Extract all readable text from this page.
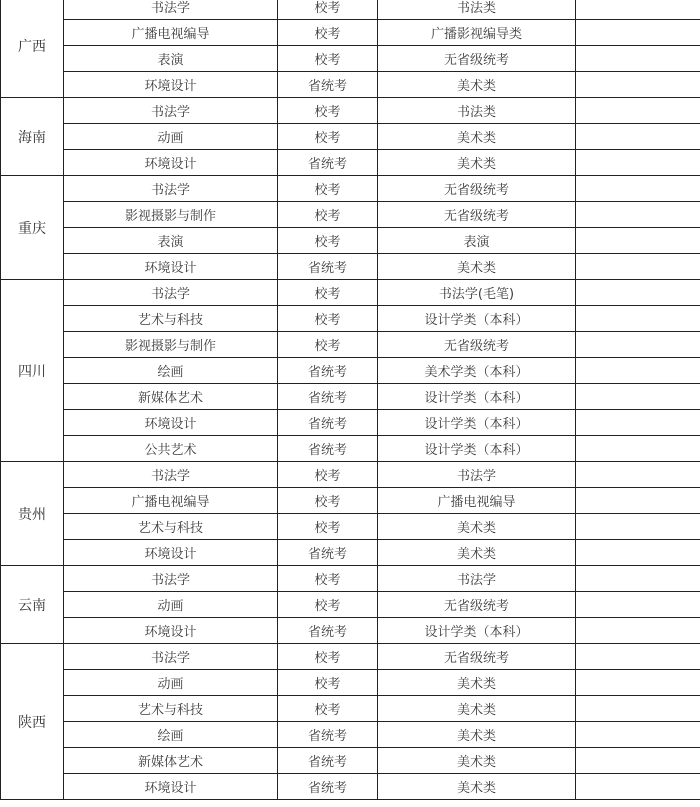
广西	书法学	校考	书法类	
	广播电视编导	校考	广播影视编导类	
	表演	校考	无省级统考	
	环境设计	省统考	美术类	
海南	书法学	校考	书法类	
	动画	校考	美术类	
	环境设计	省统考	美术类	
重庆	书法学	校考	无省级统考	
	影视摄影与制作	校考	无省级统考	
	表演	校考	表演	
	环境设计	省统考	美术类	
四川	书法学	校考	书法学(毛笔)	
	艺术与科技	校考	设计学类（本科）	
	影视摄影与制作	校考	无省级统考	
	绘画	省统考	美术学类（本科）	
	新媒体艺术	省统考	设计学类（本科）	
	环境设计	省统考	设计学类（本科）	
	公共艺术	省统考	设计学类（本科）	
贵州	书法学	校考	书法学	
	广播电视编导	校考	广播电视编导	
	艺术与科技	校考	美术类	
	环境设计	省统考	美术类	
云南	书法学	校考	书法学	
	动画	校考	无省级统考	
	环境设计	省统考	设计学类（本科）	
陕西	书法学	校考	无省级统考	
	动画	校考	美术类	
	艺术与科技	校考	美术类	
	绘画	省统考	美术类	
	新媒体艺术	省统考	美术类	
	环境设计	省统考	美术类	
